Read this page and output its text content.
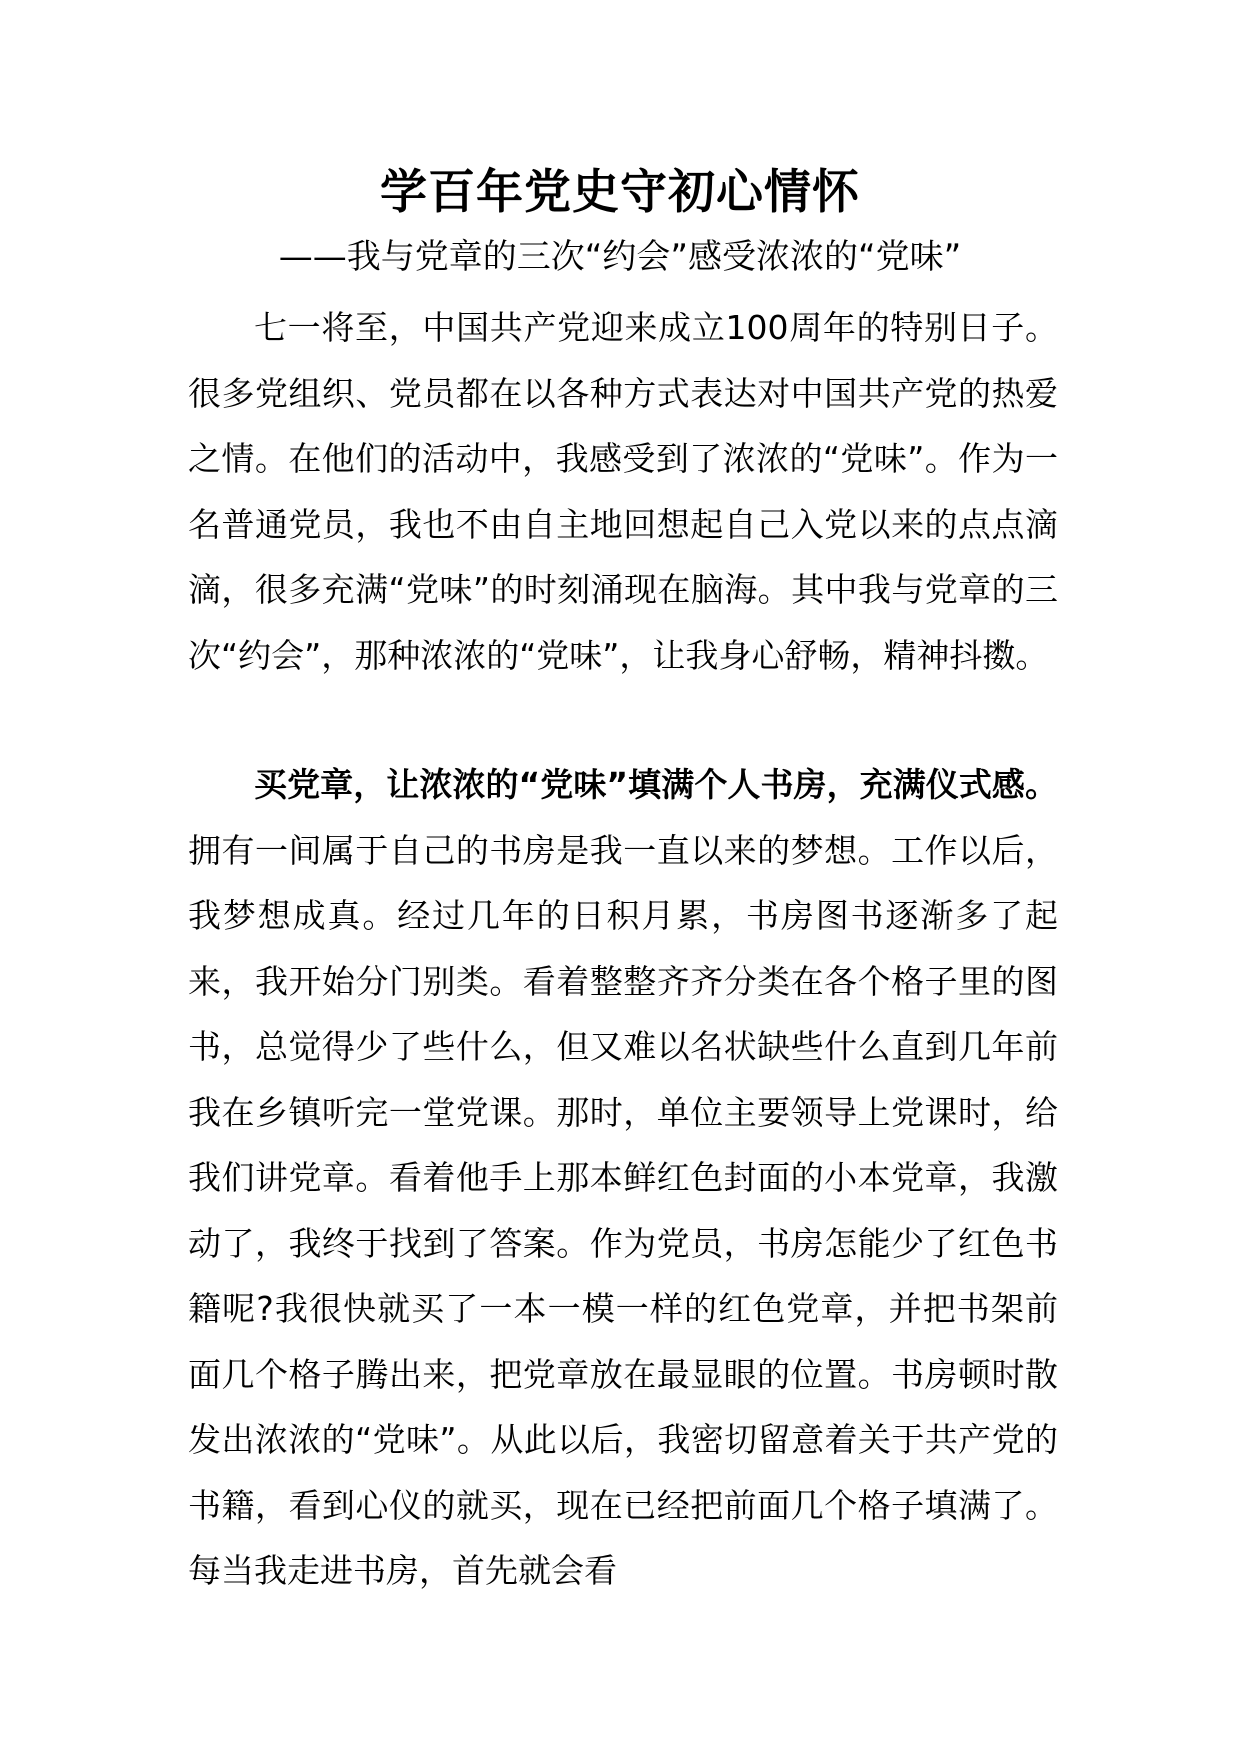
学百年党史守初心情怀

——我与党章的三次“约会”感受浓浓的“党味”

七一将至，中国共产党迎来成立100周年的特别日子。很多党组织、党员都在以各种方式表达对中国共产党的热爱之情。在他们的活动中，我感受到了浓浓的“党味”。作为一名普通党员，我也不由自主地回想起自己入党以来的点点滴滴，很多充满“党味”的时刻涌现在脑海。其中我与党章的三次“约会”，那种浓浓的“党味”，让我身心舒畅，精神抖擞。

买党章，让浓浓的“党味”填满个人书房，充满仪式感。拥有一间属于自己的书房是我一直以来的梦想。工作以后，我梦想成真。经过几年的日积月累，书房图书逐渐多了起来，我开始分门别类。看着整整齐齐分类在各个格子里的图书，总觉得少了些什么，但又难以名状缺些什么直到几年前我在乡镇听完一堂党课。那时，单位主要领导上党课时，给我们讲党章。看着他手上那本鲜红色封面的小本党章，我激动了，我终于找到了答案。作为党员，书房怎能少了红色书籍呢?我很快就买了一本一模一样的红色党章，并把书架前面几个格子腾出来，把党章放在最显眼的位置。书房顿时散发出浓浓的“党味”。从此以后，我密切留意着关于共产党的书籍，看到心仪的就买，现在已经把前面几个格子填满了。每当我走进书房，首先就会看
